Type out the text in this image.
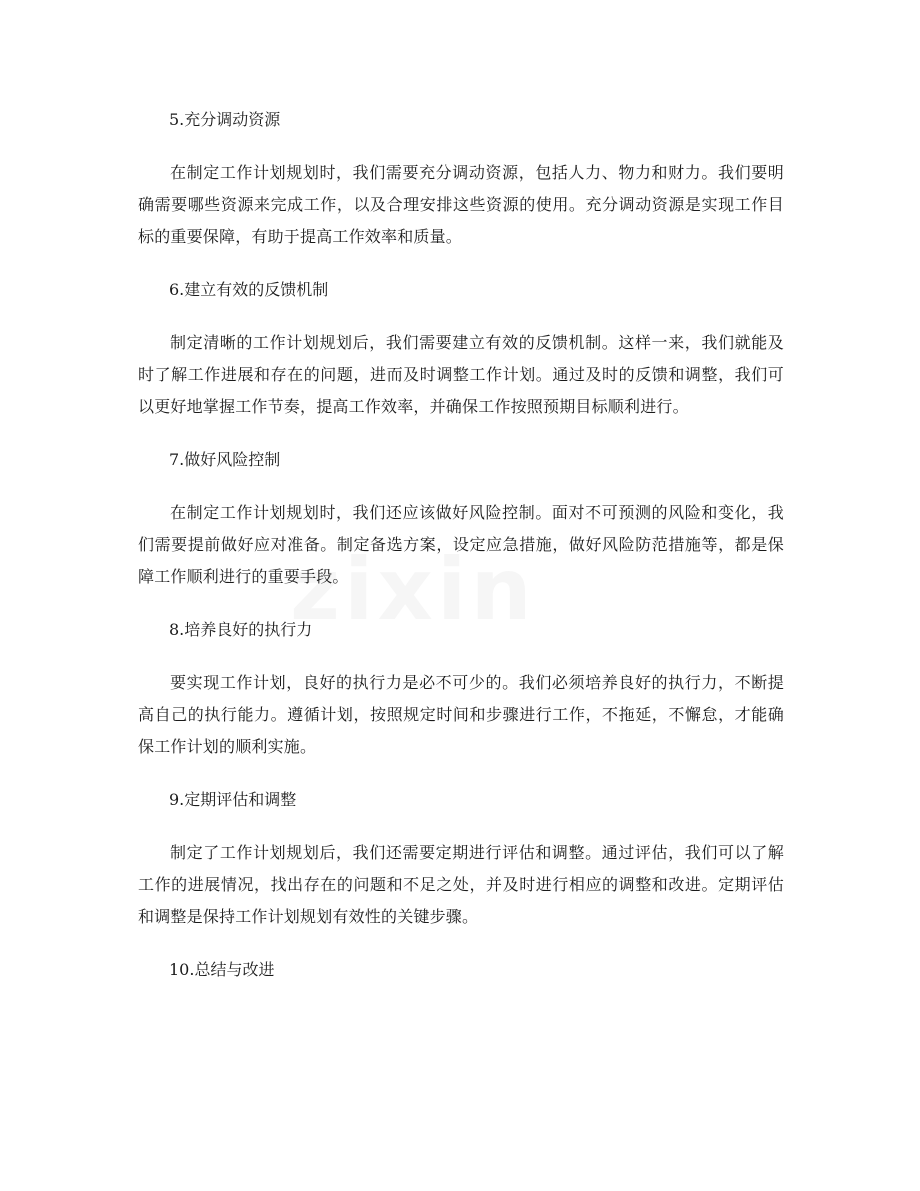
5.充分调动资源

在制定工作计划规划时，我们需要充分调动资源，包括人力、物力和财力。我们要明确需要哪些资源来完成工作，以及合理安排这些资源的使用。充分调动资源是实现工作目标的重要保障，有助于提高工作效率和质量。

6.建立有效的反馈机制

制定清晰的工作计划规划后，我们需要建立有效的反馈机制。这样一来，我们就能及时了解工作进展和存在的问题，进而及时调整工作计划。通过及时的反馈和调整，我们可以更好地掌握工作节奏，提高工作效率，并确保工作按照预期目标顺利进行。

7.做好风险控制

在制定工作计划规划时，我们还应该做好风险控制。面对不可预测的风险和变化，我们需要提前做好应对准备。制定备选方案，设定应急措施，做好风险防范措施等，都是保障工作顺利进行的重要手段。

8.培养良好的执行力

要实现工作计划，良好的执行力是必不可少的。我们必须培养良好的执行力，不断提高自己的执行能力。遵循计划，按照规定时间和步骤进行工作，不拖延，不懈怠，才能确保工作计划的顺利实施。

9.定期评估和调整

制定了工作计划规划后，我们还需要定期进行评估和调整。通过评估，我们可以了解工作的进展情况，找出存在的问题和不足之处，并及时进行相应的调整和改进。定期评估和调整是保持工作计划规划有效性的关键步骤。

10.总结与改进
